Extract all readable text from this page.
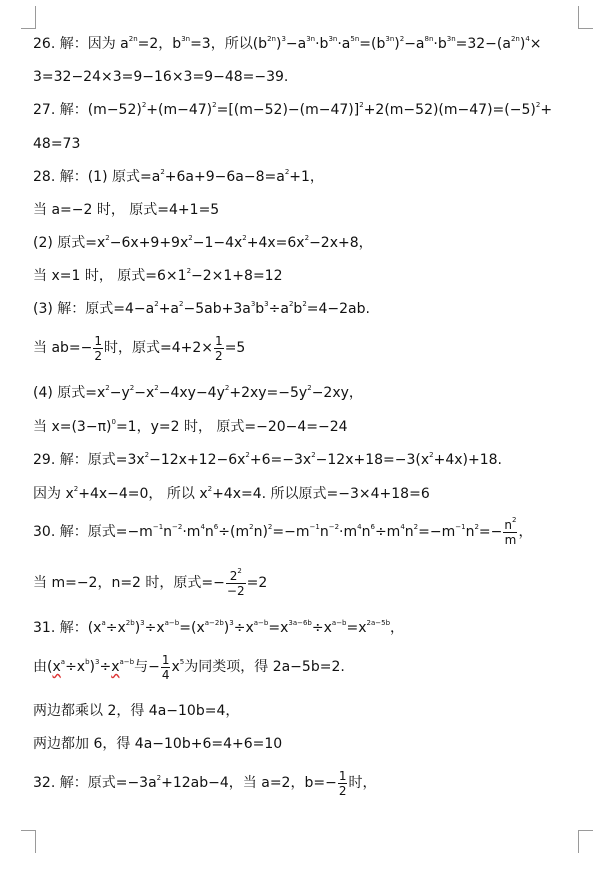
26. 解：因为 $a^{2n}=2$，$b^{3n}=3$，所以$(b^{2n})^3-a^{3n}\cdot b^{3n}\cdot a^{5n}=(b^{3n})^2-a^{8n}\cdot b^{3n}=32-(a^{2n})^4\times$
3=32−24×3=9−16×3=9−48=−39.
27. 解：$(m-52)^2+(m-47)^2=[(m-52)-(m-47)]^2+2(m-52)(m-47)=(-5)^2+$
48=73
28. 解：(1) 原式$=a^2+6a+9-6a-8=a^2+1$，
当 a=−2 时， 原式=4+1=5
(2) 原式$=x^2-6x+9+9x^2-1-4x^2+4x=6x^2-2x+8$，
当 x=1 时， 原式$=6\times 1^2-2\times 1+8=12$
(3) 解：原式$=4-a^2+a^2-5ab+3a^3b^3\div a^2b^2=4-2ab$.
当 $ab=- \frac{1}{2}$ 时，原式$=4+2\times \frac{1}{2} =5$
(4) 原式$=x^2-y^2-x^2-4xy-4y^2+2xy=-5y^2-2xy$，
当 $x=(3-\pi)^0=1$，y=2 时， 原式=−20−4=−24
29. 解：原式$=3x^2-12x+12-6x^2+6=-3x^2-12x+18=-3(x^2+4x)+18$.
因为 $x^2+4x-4=0$， 所以 $x^2+4x=4$. 所以原式=−3×4+18=6
30. 解：原式$=-m^{-1}n^{-2}\cdot m^4n^6\div(m^2n)^2=-m^{-1}n^{-2}\cdot m^4n^6\div m^4n^2=-m^{-1}n^2=- \frac{n^2}{m}$ ，
当 m=−2，n=2 时，原式=− $\frac{2^2}{-2} =2$
31. 解：$(x^a\div x^{2b})^3\div x^{a-b}=(x^{a-2b})^3\div x^{a-b}=x^{3a-6b}\div x^{a-b}=x^{2a-5b}$，
由$(x^a\div x^b)^3\div x^{a-b}$与− $\frac{1}{4} x^5$为同类项，得 2a−5b=2.
两边都乘以 2，得 4a−10b=4，
两边都加 6，得 4a−10b+6=4+6=10
32. 解：原式$=-3a^2+12ab-4$，当 a=2，$b=- \frac{1}{2}$ 时，
